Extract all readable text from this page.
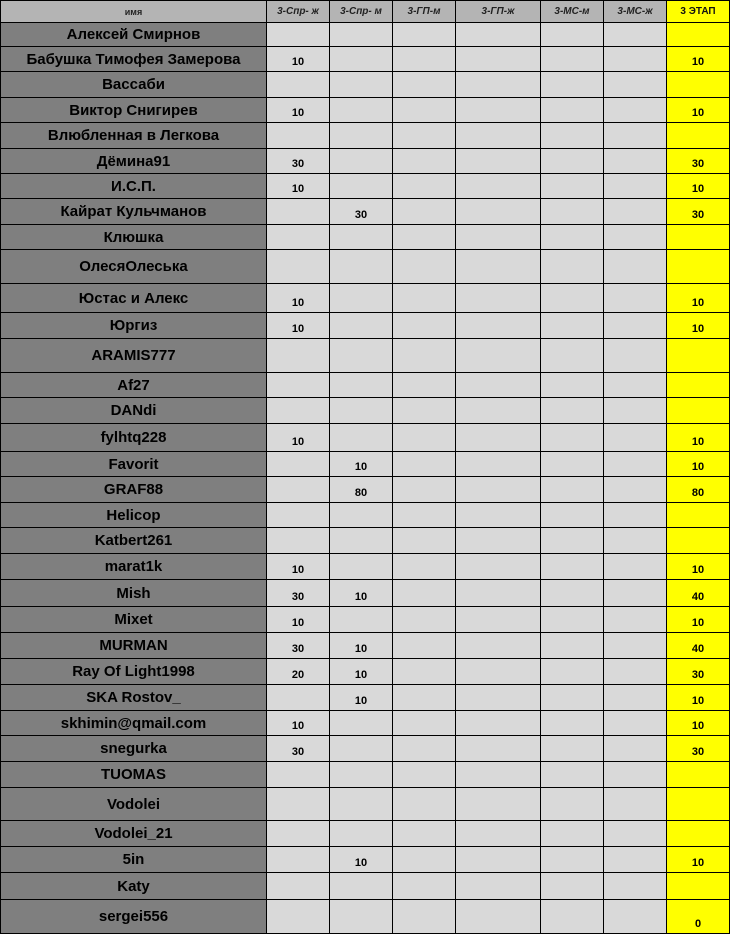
имя	3-Спр- ж	3-Спр- м	3-ГП-м	3-ГП-ж	3-МС-м	3-МС-ж	3 ЭТАП
Алексей Смирнов							
Бабушка Тимофея Замерова	10						10
Вассаби							
Виктор Снигирев	10						10
Влюбленная в Легкова							
Дёмина91	30						30
И.С.П.	10						10
Кайрат Кульчманов		30					30
Клюшка							
ОлесяОлеська							
Юстас и Алекс	10						10
Юргиз	10						10
ARAMIS777							
Af27							
DANdi							
fylhtq228	10						10
Favorit		10					10
GRAF88		80					80
Helicop							
Katbert261							
marat1k	10						10
Mish	30	10					40
Mixet	10						10
MURMAN	30	10					40
Ray Of Light1998	20	10					30
SKA Rostov_		10					10
skhimin@qmail.com	10						10
snegurka	30						30
TUOMAS							
Vodolei							
Vodolei_21							
5in		10					10
Katy							
sergei556							0
